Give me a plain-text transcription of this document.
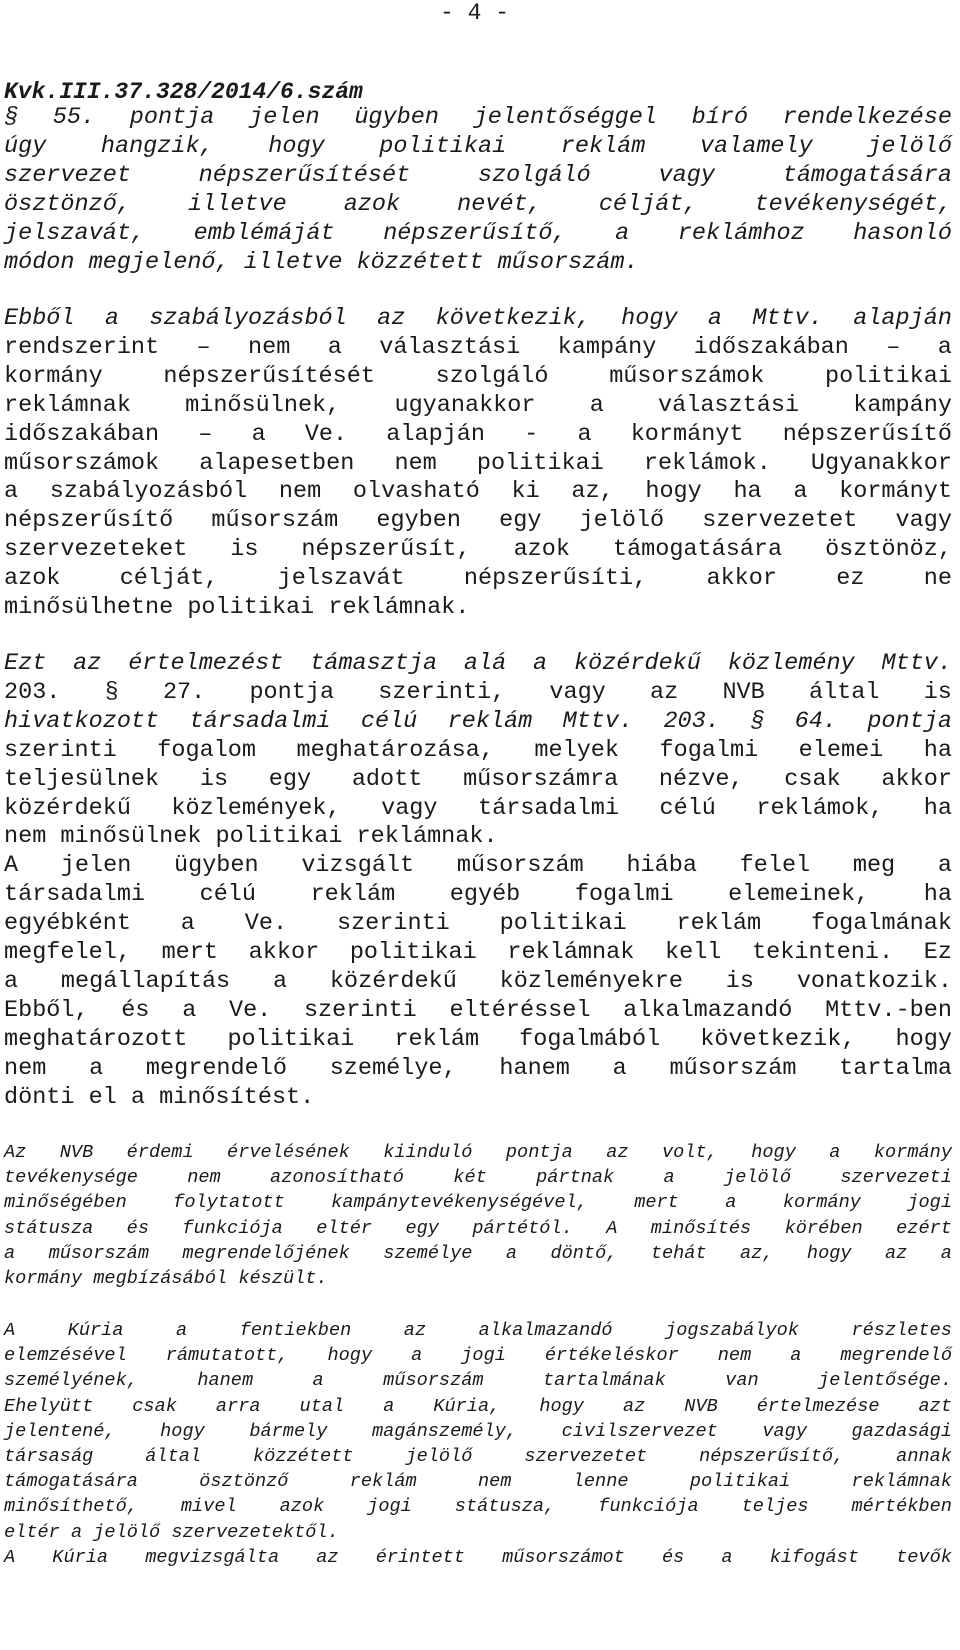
- 4 -
Kvk.III.37.328/2014/6.szám
§ 55. pontja jelen ügyben jelentőséggel bíró rendelkezése
úgy hangzik, hogy politikai reklám valamely jelölő
szervezet	népszerűsítését	szolgáló	vagy	támogatására
ösztönző, illetve azok nevét, célját, tevékenységét,
jelszavát, emblémáját népszerűsítő, a reklámhoz hasonló
módon megjelenő, illetve közzétett műsorszám.
Ebből a szabályozásból az következik, hogy a Mttv. alapján
rendszerint – nem a választási kampány időszakában – a
kormány	népszerűsítését	szolgáló	műsorszámok	politikai
reklámnak minősülnek, ugyanakkor a választási kampány
időszakában – a Ve. alapján - a kormányt népszerűsítő
műsorszámok alapesetben nem politikai reklámok. Ugyanakkor
a szabályozásból nem olvasható ki az, hogy ha a kormányt
népszerűsítő műsorszám egyben egy jelölő szervezetet vagy
szervezeteket is népszerűsít, azok támogatására ösztönöz,
azok	célját,	jelszavát	népszerűsíti,	akkor	ez	ne
minősülhetne politikai reklámnak.
Ezt az értelmezést támasztja alá a közérdekű közlemény Mttv.
203. § 27. pontja szerinti, vagy az NVB által is
hivatkozott társadalmi célú reklám Mttv. 203. § 64. pontja
szerinti fogalom meghatározása, melyek fogalmi elemei ha
teljesülnek is egy adott műsorszámra nézve, csak akkor
közérdekű közlemények, vagy társadalmi célú reklámok, ha
nem minősülnek politikai reklámnak.
A jelen ügyben vizsgált műsorszám hiába felel meg a
társadalmi célú reklám egyéb fogalmi elemeinek, ha
egyébként a Ve. szerinti politikai reklám fogalmának
megfelel, mert akkor politikai reklámnak kell tekinteni. Ez
a megállapítás a közérdekű közleményekre is vonatkozik.
Ebből, és a Ve. szerinti eltéréssel alkalmazandó Mttv.-ben
meghatározott politikai reklám fogalmából következik, hogy
nem a megrendelő személye, hanem a műsorszám tartalma
dönti el a minősítést.
Az NVB érdemi érvelésének kiinduló pontja az volt, hogy a kormány
tevékenysége	nem	azonosítható	két	pártnak	a	jelölő	szervezeti
minőségében folytatott kampánytevékenységével, mert a kormány jogi
státusza és funkciója eltér egy pártétól. A minősítés körében ezért
a műsorszám megrendelőjének személye a döntő, tehát az, hogy az a
kormány megbízásából készült.
A	Kúria	a	fentiekben	az	alkalmazandó	jogszabályok	részletes
elemzésével rámutatott, hogy a jogi értékeléskor nem a megrendelő
személyének,	hanem	a	műsorszám	tartalmának	van	jelentősége.
Ehelyütt csak arra utal a Kúria, hogy az NVB értelmezése azt
jelentené, hogy bármely magánszemély, civilszervezet vagy gazdasági
társaság	által	közzétett	jelölő	szervezetet	népszerűsítő,	annak
támogatására	ösztönző	reklám	nem	lenne	politikai	reklámnak
minősíthető, mivel azok jogi státusza, funkciója teljes mértékben
eltér a jelölő szervezetektől.
A Kúria megvizsgálta az érintett műsorszámot és a kifogást tevők
